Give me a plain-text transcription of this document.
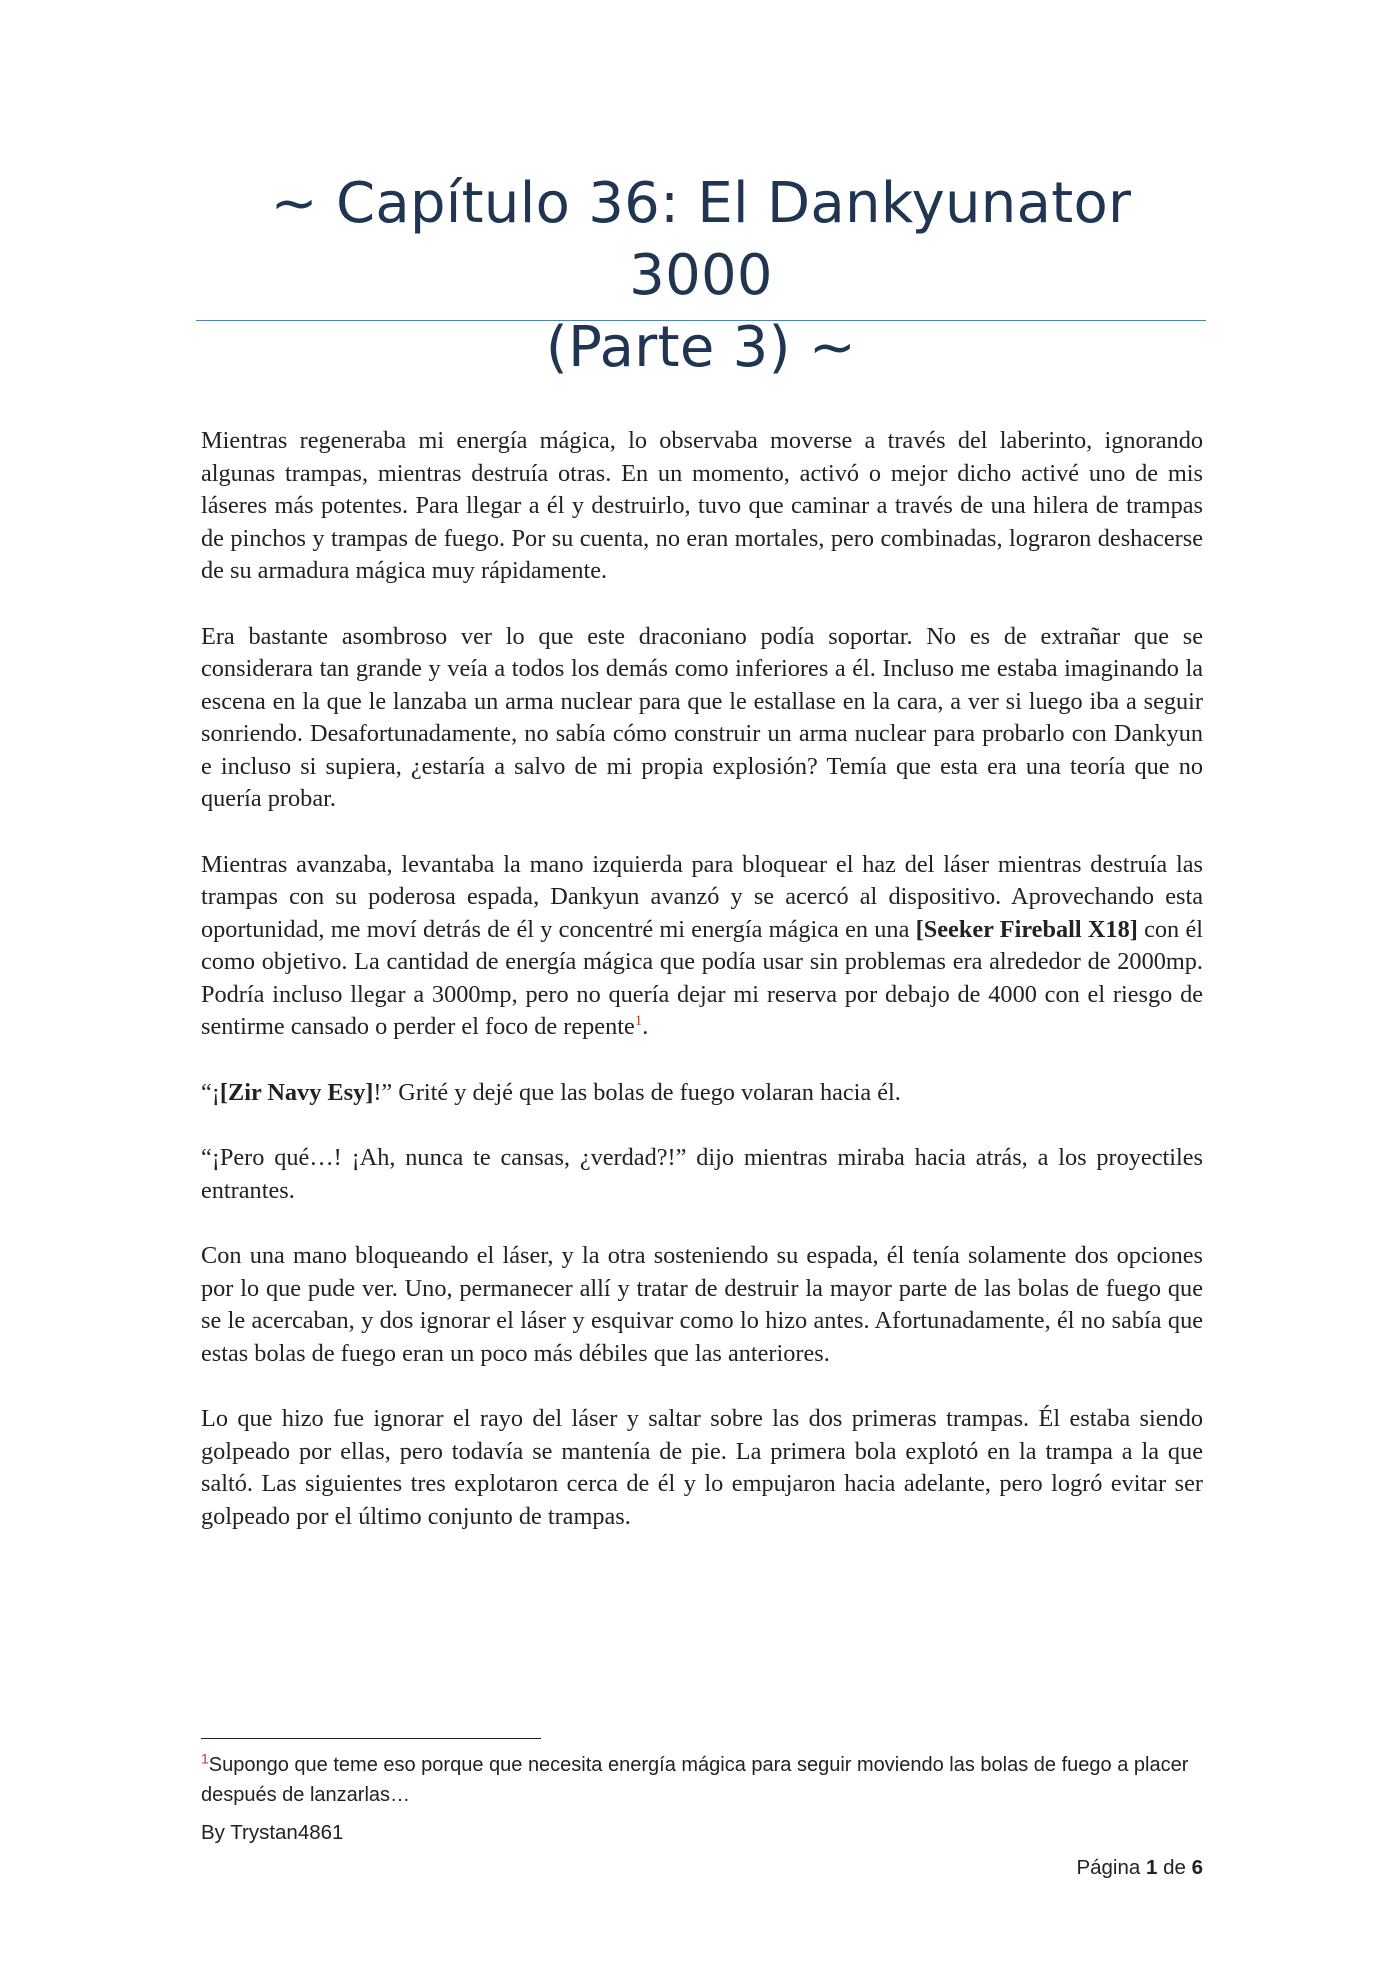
~ Capítulo 36: El Dankyunator 3000
(Parte 3) ~

Mientras regeneraba mi energía mágica, lo observaba moverse a través del laberinto, ignorando algunas trampas, mientras destruía otras. En un momento, activó o mejor dicho activé uno de mis láseres más potentes. Para llegar a él y destruirlo, tuvo que caminar a través de una hilera de trampas de pinchos y trampas de fuego. Por su cuenta, no eran mortales, pero combinadas, lograron deshacerse de su armadura mágica muy rápidamente.

Era bastante asombroso ver lo que este draconiano podía soportar. No es de extrañar que se considerara tan grande y veía a todos los demás como inferiores a él. Incluso me estaba imaginando la escena en la que le lanzaba un arma nuclear para que le estallase en la cara, a ver si luego iba a seguir sonriendo. Desafortunadamente, no sabía cómo construir un arma nuclear para probarlo con Dankyun e incluso si supiera, ¿estaría a salvo de mi propia explosión? Temía que esta era una teoría que no quería probar.

Mientras avanzaba, levantaba la mano izquierda para bloquear el haz del láser mientras destruía las trampas con su poderosa espada, Dankyun avanzó y se acercó al dispositivo. Aprovechando esta oportunidad, me moví detrás de él y concentré mi energía mágica en una [Seeker Fireball X18] con él como objetivo. La cantidad de energía mágica que podía usar sin problemas era alrededor de 2000mp. Podría incluso llegar a 3000mp, pero no quería dejar mi reserva por debajo de 4000 con el riesgo de sentirme cansado o perder el foco de repente$^1$.

“¡[Zir Navy Esy]!” Grité y dejé que las bolas de fuego volaran hacia él.

“¡Pero qué…! ¡Ah, nunca te cansas, ¿verdad?!” dijo mientras miraba hacia atrás, a los proyectiles entrantes.

Con una mano bloqueando el láser, y la otra sosteniendo su espada, él tenía solamente dos opciones por lo que pude ver. Uno, permanecer allí y tratar de destruir la mayor parte de las bolas de fuego que se le acercaban, y dos ignorar el láser y esquivar como lo hizo antes. Afortunadamente, él no sabía que estas bolas de fuego eran un poco más débiles que las anteriores.

Lo que hizo fue ignorar el rayo del láser y saltar sobre las dos primeras trampas. Él estaba siendo golpeado por ellas, pero todavía se mantenía de pie. La primera bola explotó en la trampa a la que saltó. Las siguientes tres explotaron cerca de él y lo empujaron hacia adelante, pero logró evitar ser golpeado por el último conjunto de trampas.

$^1$Supongo que teme eso porque que necesita energía mágica para seguir moviendo las bolas de fuego a placer después de lanzarlas…
By Trystan4861
Página 1 de 6
